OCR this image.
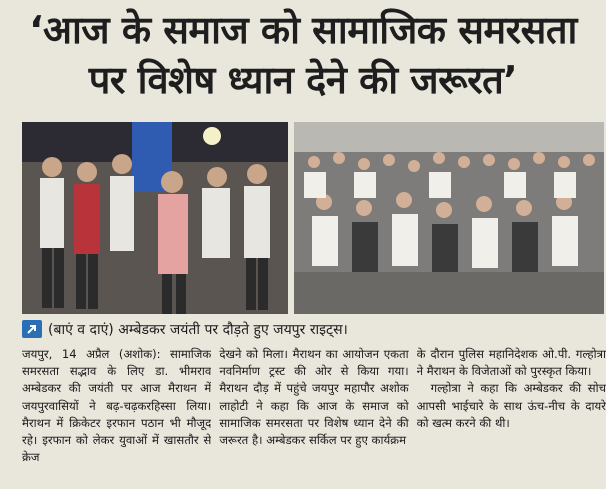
‘आज के समाज को सामाजिक समरसता
पर विशेष ध्यान देने की जरूरत’
(बाएं व दाएं) अम्बेडकर जयंती पर दौड़ते हुए जयपुर राइट्स।

जयपुर, 14 अप्रैल (अशोक): सामाजिक समरसता सद्भाव के लिए डा. भीमराव अम्बेडकर की जयंती पर आज मैराथन में जयपुरवासियों ने बढ़-चढ़करहिस्सा लिया। मैराथन में क्रिकेटर इरफान पठान भी मौजूद रहे। इरफान को लेकर युवाओं में खासतौर से क्रेज

देखने को मिला। मैराथन का आयोजन एकता नवनिर्माण ट्रस्ट की ओर से किया गया। मैराथन दौड़ में पहुंचे जयपुर महापौर अशोक लाहोटी ने कहा कि आज के समाज को सामाजिक समरसता पर विशेष ध्यान देने की जरूरत है। अम्बेडकर सर्किल पर हुए कार्यक्रम

के दौरान पुलिस महानिदेशक ओ.पी. गल्होत्रा ने मैराथन के विजेताओं को पुरस्कृत किया।

गल्होत्रा ने कहा कि अम्बेडकर की सोच आपसी भाईचारे के साथ ऊंच-नीच के दायरे को खत्म करने की थी।
